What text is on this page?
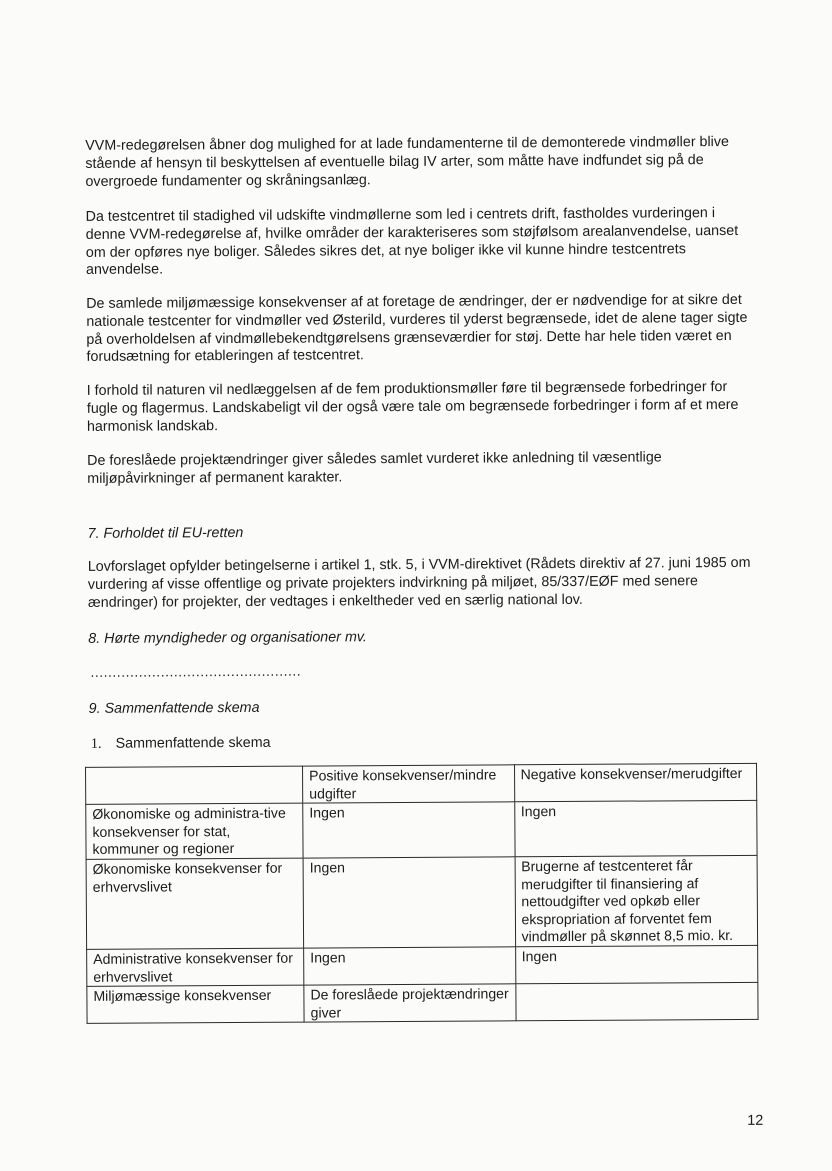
VVM-redegørelsen åbner dog mulighed for at lade fundamenterne til de demonterede vindmøller blive stående af hensyn til beskyttelsen af eventuelle bilag IV arter, som måtte have indfundet sig på de overgroede fundamenter og skråningsanlæg.

Da testcentret til stadighed vil udskifte vindmøllerne som led i centrets drift, fastholdes vurderingen i denne VVM-redegørelse af, hvilke områder der karakteriseres som støjfølsom arealanvendelse, uanset om der opføres nye boliger. Således sikres det, at nye boliger ikke vil kunne hindre testcentrets anvendelse.

De samlede miljømæssige konsekvenser af at foretage de ændringer, der er nødvendige for at sikre det nationale testcenter for vindmøller ved Østerild, vurderes til yderst begrænsede, idet de alene tager sigte på overholdelsen af vindmøllebekendtgørelsens grænseværdier for støj. Dette har hele tiden været en forudsætning for etableringen af testcentret.

I forhold til naturen vil nedlæggelsen af de fem produktionsmøller føre til begrænsede forbedringer for fugle og flagermus. Landskabeligt vil der også være tale om begrænsede forbedringer i form af et mere harmonisk landskab.

De foreslåede projektændringer giver således samlet vurderet ikke anledning til væsentlige miljøpåvirkninger af permanent karakter.

7. Forholdet til EU-retten

Lovforslaget opfylder betingelserne i artikel 1, stk. 5, i VVM-direktivet (Rådets direktiv af 27. juni 1985 om vurdering af visse offentlige og private projekters indvirkning på miljøet, 85/337/EØF med senere ændringer) for projekter, der vedtages i enkeltheder ved en særlig national lov.

8. Hørte myndigheder og organisationer mv.

................................................

9. Sammenfattende skema

1. Sammenfattende skema
	Positive konsekvenser/mindre udgifter	Negative konsekvenser/merudgifter
Økonomiske og administra-tive konsekvenser for stat, kommuner og regioner	Ingen	Ingen
Økonomiske konsekvenser for erhvervslivet	Ingen	Brugerne af testcenteret får merudgifter til finansiering af nettoudgifter ved opkøb eller ekspropriation af forventet fem vindmøller på skønnet 8,5 mio. kr.
Administrative konsekvenser for erhvervslivet	Ingen	Ingen
Miljømæssige konsekvenser	De foreslåede projektændringer giver	
12
